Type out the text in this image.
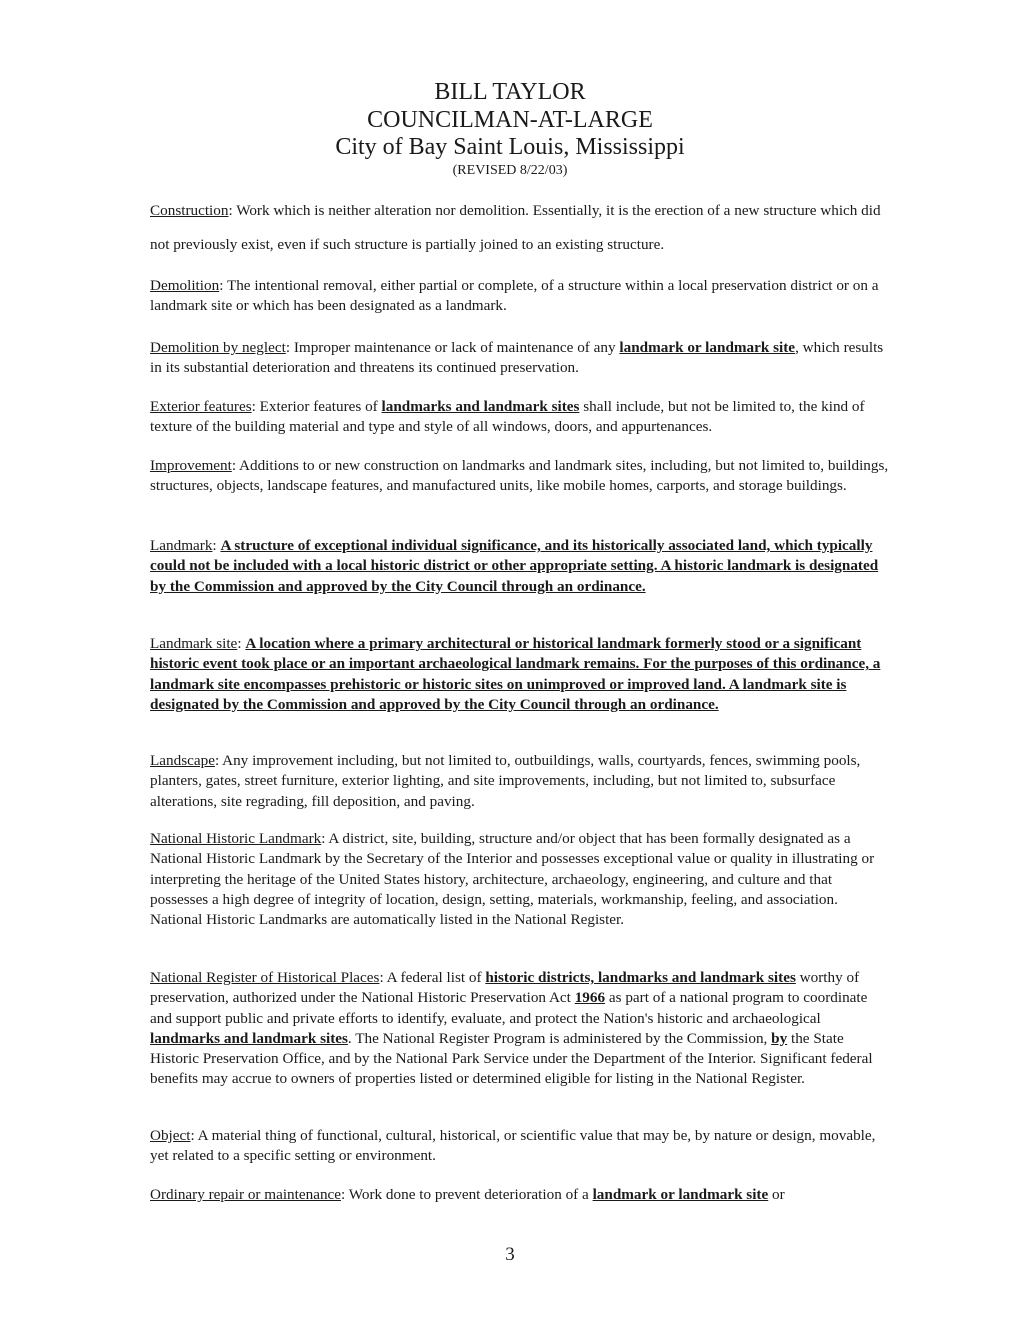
BILL TAYLOR
COUNCILMAN-AT-LARGE
City of Bay Saint Louis, Mississippi
(REVISED 8/22/03)
Construction: Work which is neither alteration nor demolition. Essentially, it is the erection of a new structure which did not previously exist, even if such structure is partially joined to an existing structure.
Demolition: The intentional removal, either partial or complete, of a structure within a local preservation district or on a landmark site or which has been designated as a landmark.
Demolition by neglect: Improper maintenance or lack of maintenance of any landmark or landmark site, which results in its substantial deterioration and threatens its continued preservation.
Exterior features: Exterior features of landmarks and landmark sites shall include, but not be limited to, the kind of texture of the building material and type and style of all windows, doors, and appurtenances.
Improvement: Additions to or new construction on landmarks and landmark sites, including, but not limited to, buildings, structures, objects, landscape features, and manufactured units, like mobile homes, carports, and storage buildings.
Landmark: A structure of exceptional individual significance, and its historically associated land, which typically could not be included with a local historic district or other appropriate setting. A historic landmark is designated by the Commission and approved by the City Council through an ordinance.
Landmark site: A location where a primary architectural or historical landmark formerly stood or a significant historic event took place or an important archaeological landmark remains. For the purposes of this ordinance, a landmark site encompasses prehistoric or historic sites on unimproved or improved land. A landmark site is designated by the Commission and approved by the City Council through an ordinance.
Landscape: Any improvement including, but not limited to, outbuildings, walls, courtyards, fences, swimming pools, planters, gates, street furniture, exterior lighting, and site improvements, including, but not limited to, subsurface alterations, site regrading, fill deposition, and paving.
National Historic Landmark: A district, site, building, structure and/or object that has been formally designated as a National Historic Landmark by the Secretary of the Interior and possesses exceptional value or quality in illustrating or interpreting the heritage of the United States history, architecture, archaeology, engineering, and culture and that possesses a high degree of integrity of location, design, setting, materials, workmanship, feeling, and association. National Historic Landmarks are automatically listed in the National Register.
National Register of Historical Places: A federal list of historic districts, landmarks and landmark sites worthy of preservation, authorized under the National Historic Preservation Act 1966 as part of a national program to coordinate and support public and private efforts to identify, evaluate, and protect the Nation's historic and archaeological landmarks and landmark sites. The National Register Program is administered by the Commission, by the State Historic Preservation Office, and by the National Park Service under the Department of the Interior. Significant federal benefits may accrue to owners of properties listed or determined eligible for listing in the National Register.
Object: A material thing of functional, cultural, historical, or scientific value that may be, by nature or design, movable, yet related to a specific setting or environment.
Ordinary repair or maintenance: Work done to prevent deterioration of a landmark or landmark site or
3
